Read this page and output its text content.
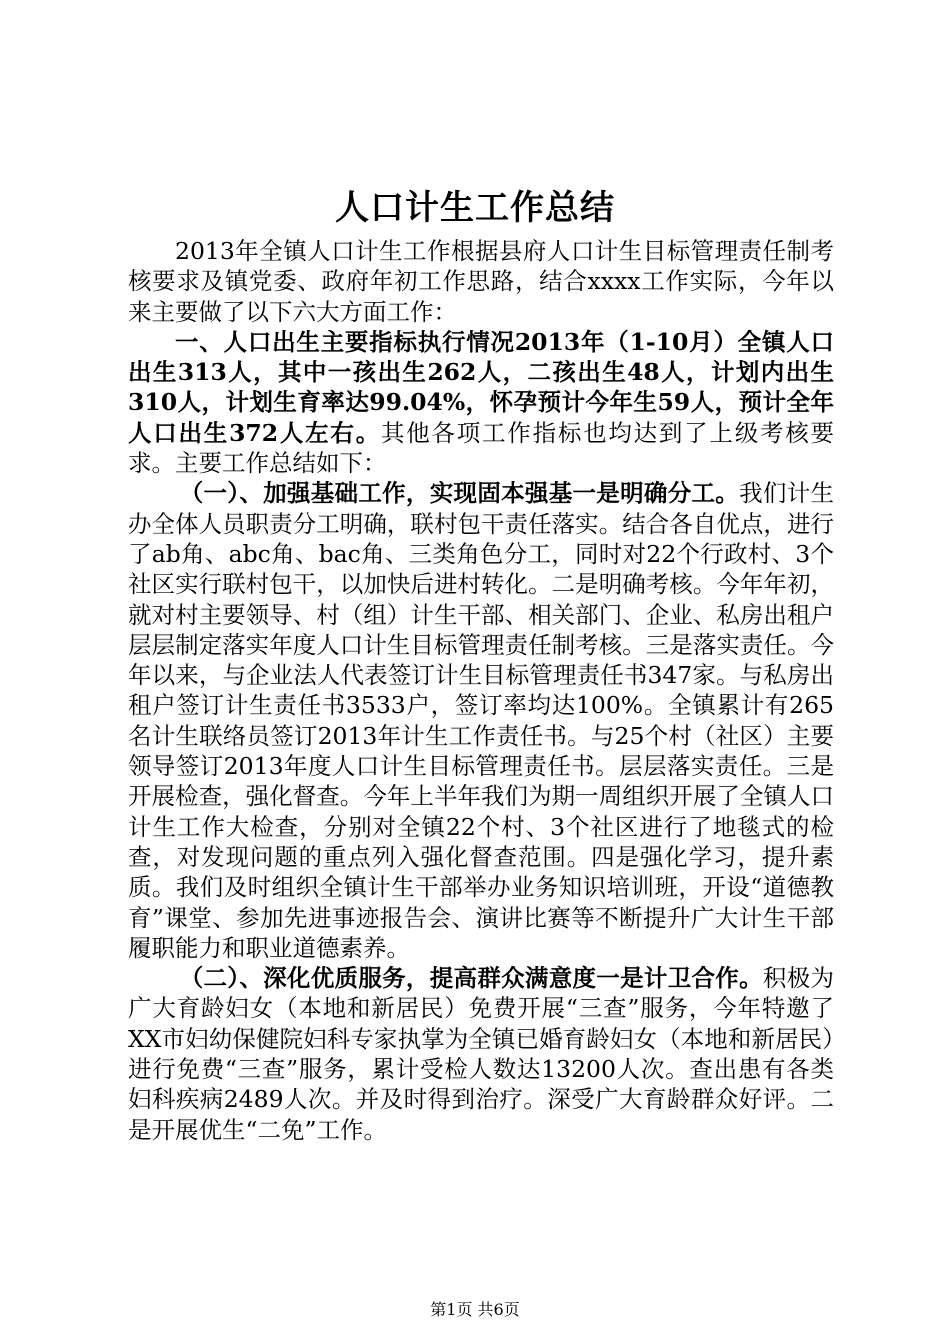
人口计生工作总结

2013年全镇人口计生工作根据县府人口计生目标管理责任制考核要求及镇党委、政府年初工作思路，结合xxxx工作实际，今年以来主要做了以下六大方面工作：

一、人口出生主要指标执行情况2013年（1-10月）全镇人口出生313人，其中一孩出生262人，二孩出生48人，计划内出生310人，计划生育率达99.04%，怀孕预计今年生59人，预计全年人口出生372人左右。其他各项工作指标也均达到了上级考核要求。主要工作总结如下：

（一）、加强基础工作，实现固本强基一是明确分工。我们计生办全体人员职责分工明确，联村包干责任落实。结合各自优点，进行了ab角、abc角、bac角、三类角色分工，同时对22个行政村、3个社区实行联村包干，以加快后进村转化。二是明确考核。今年年初，就对村主要领导、村（组）计生干部、相关部门、企业、私房出租户层层制定落实年度人口计生目标管理责任制考核。三是落实责任。今年以来，与企业法人代表签订计生目标管理责任书347家。与私房出租户签订计生责任书3533户，签订率均达100%。全镇累计有265名计生联络员签订2013年计生工作责任书。与25个村（社区）主要领导签订2013年度人口计生目标管理责任书。层层落实责任。三是开展检查，强化督查。今年上半年我们为期一周组织开展了全镇人口计生工作大检查，分别对全镇22个村、3个社区进行了地毯式的检查，对发现问题的重点列入强化督查范围。四是强化学习，提升素质。我们及时组织全镇计生干部举办业务知识培训班，开设“道德教育”课堂、参加先进事迹报告会、演讲比赛等不断提升广大计生干部履职能力和职业道德素养。

（二）、深化优质服务，提高群众满意度一是计卫合作。积极为广大育龄妇女（本地和新居民）免费开展“三查”服务，今年特邀了XX市妇幼保健院妇科专家执掌为全镇已婚育龄妇女（本地和新居民）进行免费“三查”服务，累计受检人数达13200人次。查出患有各类妇科疾病2489人次。并及时得到治疗。深受广大育龄群众好评。二是开展优生“二免”工作。

第1页 共6页
